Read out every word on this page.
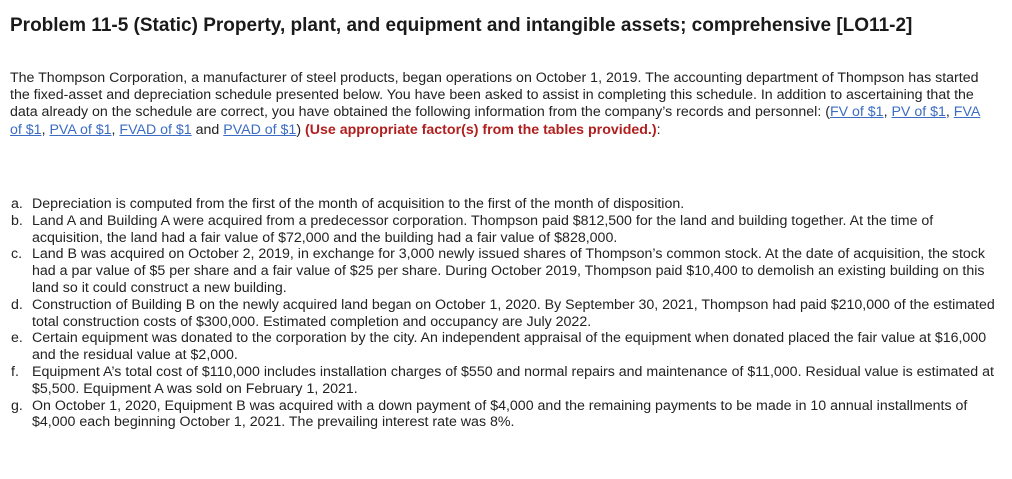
Problem 11-5 (Static) Property, plant, and equipment and intangible assets; comprehensive [LO11-2]

The Thompson Corporation, a manufacturer of steel products, began operations on October 1, 2019. The accounting department of Thompson has started the fixed-asset and depreciation schedule presented below. You have been asked to assist in completing this schedule. In addition to ascertaining that the data already on the schedule are correct, you have obtained the following information from the company’s records and personnel: (FV of $1, PV of $1, FVA of $1, PVA of $1, FVAD of $1 and PVAD of $1) (Use appropriate factor(s) from the tables provided.):

a. Depreciation is computed from the first of the month of acquisition to the first of the month of disposition.
b. Land A and Building A were acquired from a predecessor corporation. Thompson paid $812,500 for the land and building together. At the time of acquisition, the land had a fair value of $72,000 and the building had a fair value of $828,000.
c. Land B was acquired on October 2, 2019, in exchange for 3,000 newly issued shares of Thompson’s common stock. At the date of acquisition, the stock had a par value of $5 per share and a fair value of $25 per share. During October 2019, Thompson paid $10,400 to demolish an existing building on this land so it could construct a new building.
d. Construction of Building B on the newly acquired land began on October 1, 2020. By September 30, 2021, Thompson had paid $210,000 of the estimated total construction costs of $300,000. Estimated completion and occupancy are July 2022.
e. Certain equipment was donated to the corporation by the city. An independent appraisal of the equipment when donated placed the fair value at $16,000 and the residual value at $2,000.
f. Equipment A’s total cost of $110,000 includes installation charges of $550 and normal repairs and maintenance of $11,000. Residual value is estimated at $5,500. Equipment A was sold on February 1, 2021.
g. On October 1, 2020, Equipment B was acquired with a down payment of $4,000 and the remaining payments to be made in 10 annual installments of $4,000 each beginning October 1, 2021. The prevailing interest rate was 8%.
